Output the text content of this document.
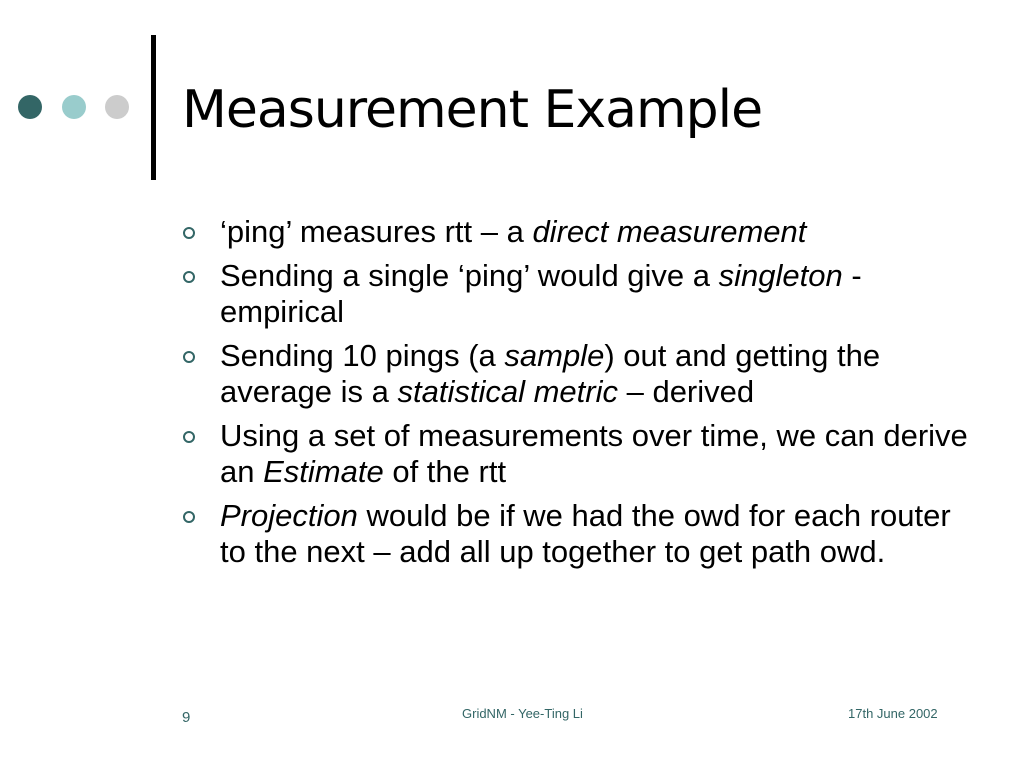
Measurement Example
‘ping’ measures rtt – a direct measurement
Sending a single ‘ping’ would give a singleton - empirical
Sending 10 pings (a sample) out and getting the average is a statistical metric – derived
Using a set of measurements over time, we can derive an Estimate of the rtt
Projection would be if we had the owd for each router to the next – add all up together to get path owd.
9	GridNM - Yee-Ting Li	17th June 2002
